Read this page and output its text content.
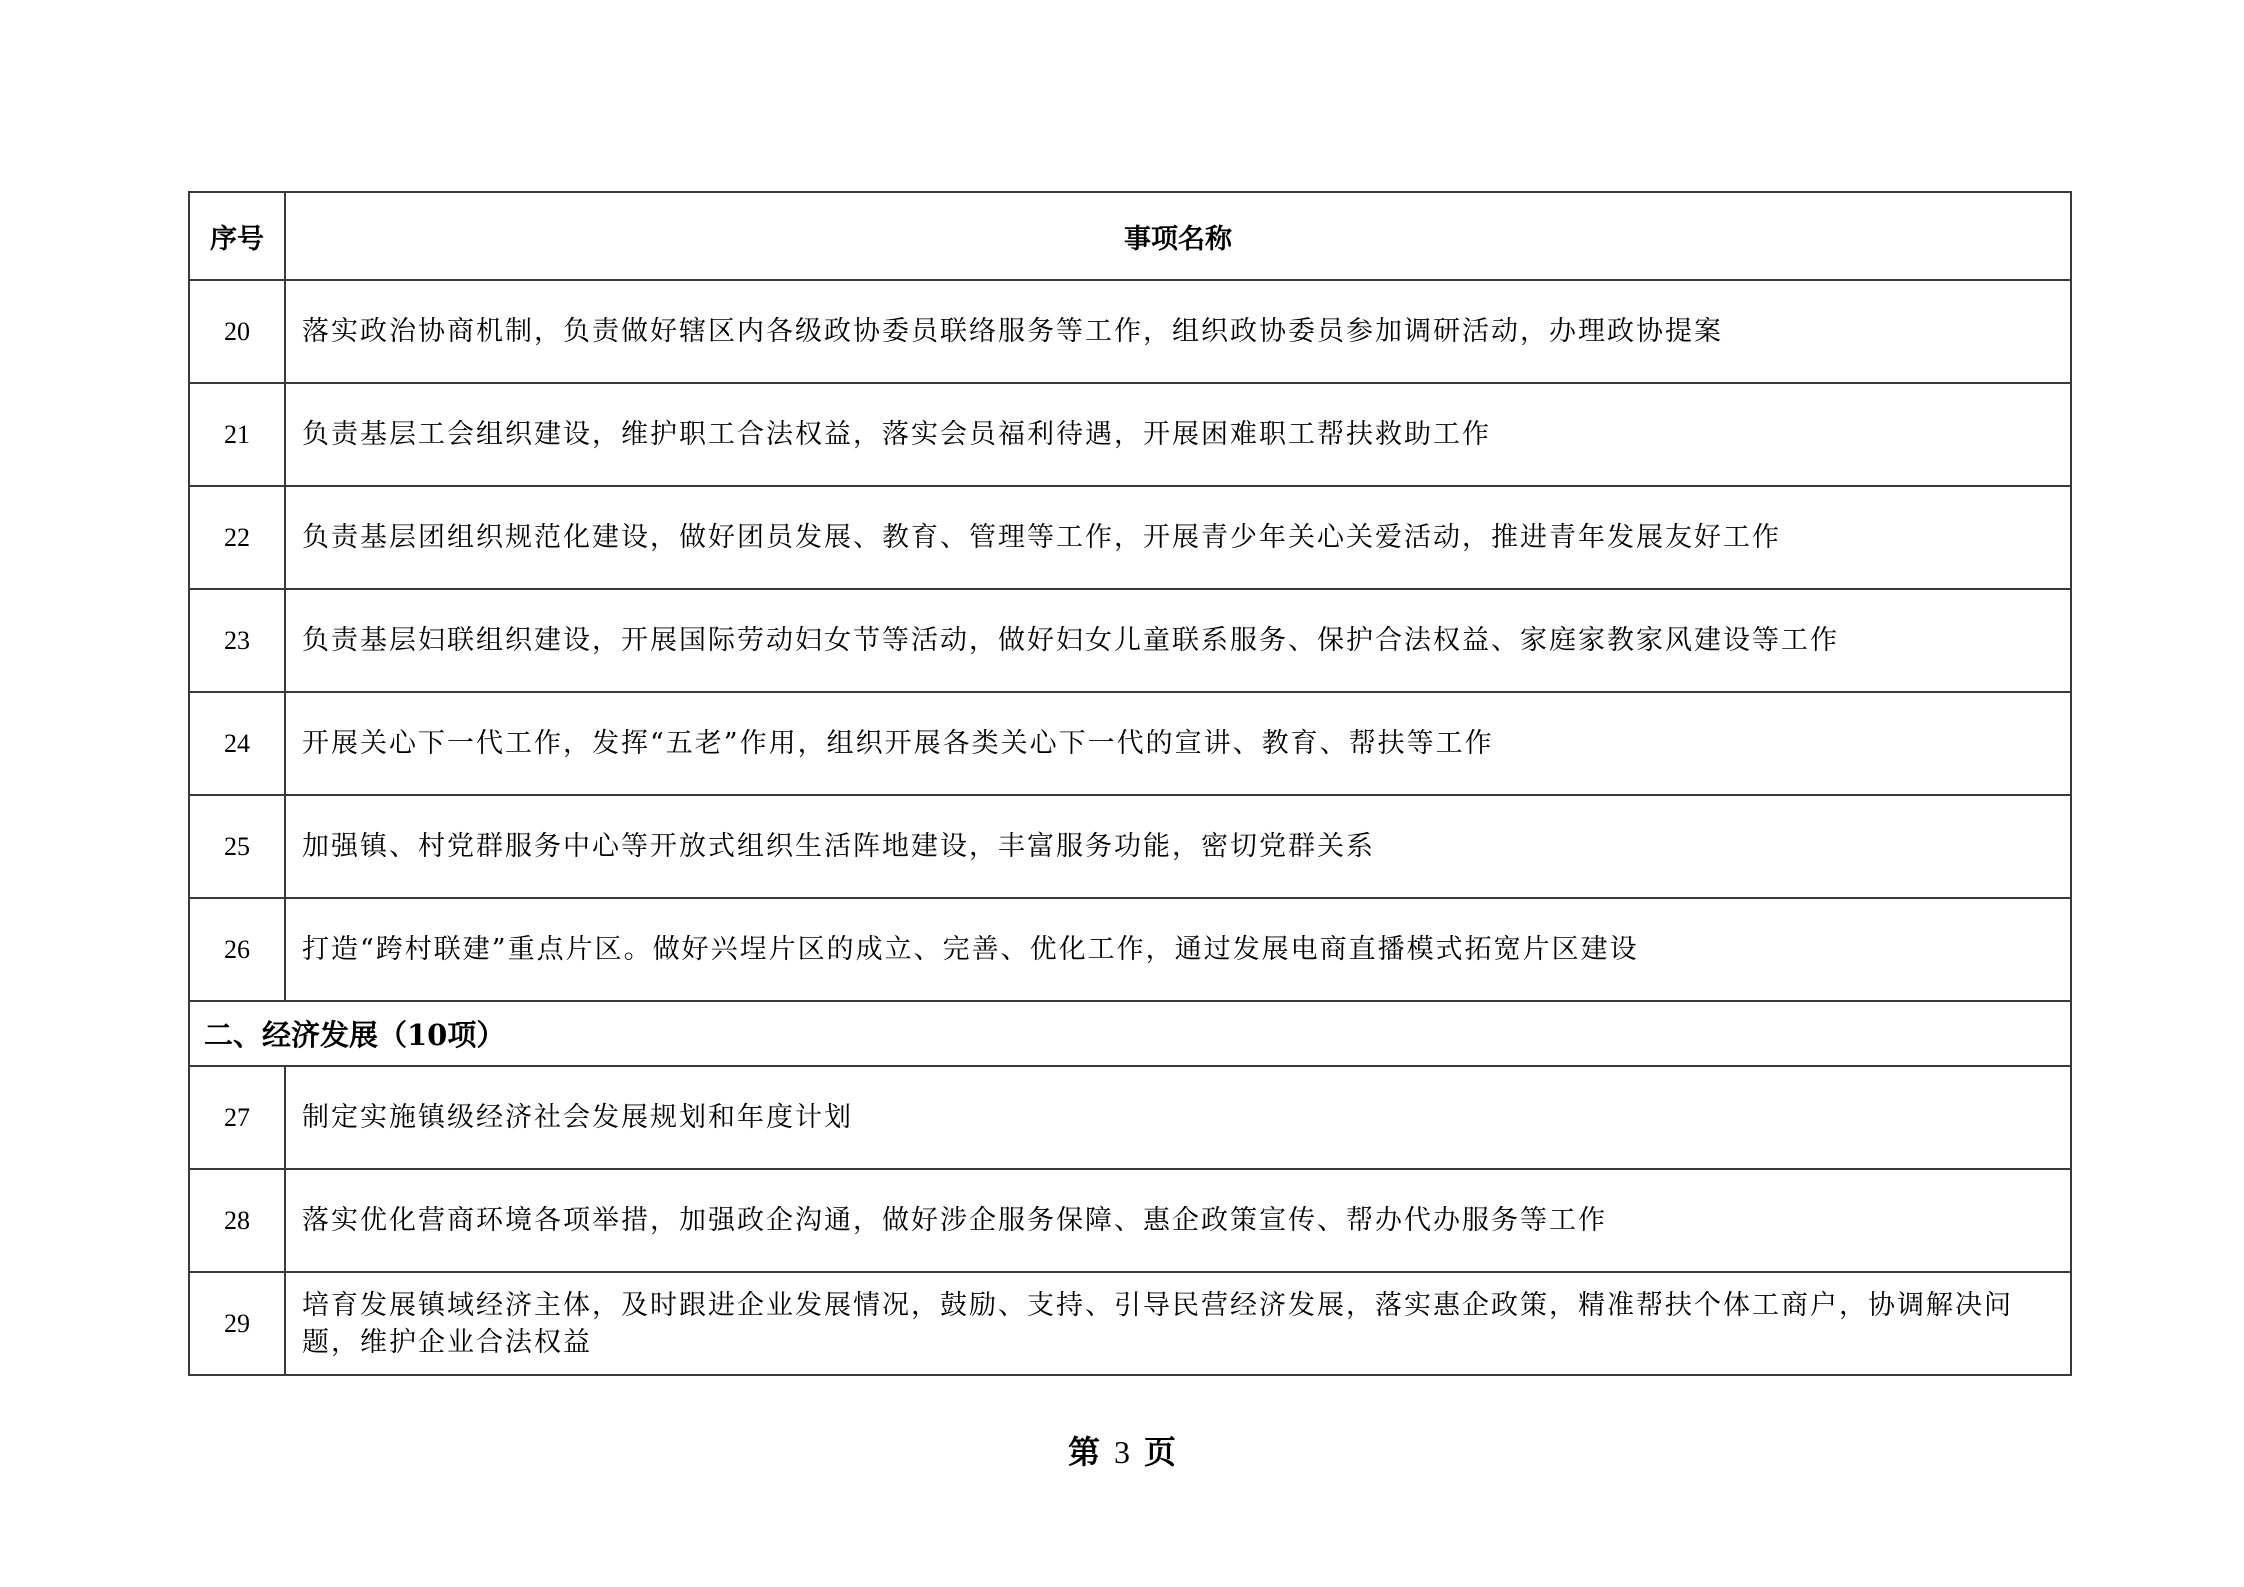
序号	事项名称
20	落实政治协商机制，负责做好辖区内各级政协委员联络服务等工作，组织政协委员参加调研活动，办理政协提案
21	负责基层工会组织建设，维护职工合法权益，落实会员福利待遇，开展困难职工帮扶救助工作
22	负责基层团组织规范化建设，做好团员发展、教育、管理等工作，开展青少年关心关爱活动，推进青年发展友好工作
23	负责基层妇联组织建设，开展国际劳动妇女节等活动，做好妇女儿童联系服务、保护合法权益、家庭家教家风建设等工作
24	开展关心下一代工作，发挥“五老”作用，组织开展各类关心下一代的宣讲、教育、帮扶等工作
25	加强镇、村党群服务中心等开放式组织生活阵地建设，丰富服务功能，密切党群关系
26	打造“跨村联建”重点片区。做好兴埕片区的成立、完善、优化工作，通过发展电商直播模式拓宽片区建设
二、经济发展（10项）	
27	制定实施镇级经济社会发展规划和年度计划
28	落实优化营商环境各项举措，加强政企沟通，做好涉企服务保障、惠企政策宣传、帮办代办服务等工作
29	培育发展镇域经济主体，及时跟进企业发展情况，鼓励、支持、引导民营经济发展，落实惠企政策，精准帮扶个体工商户，协调解决问题，维护企业合法权益
第 3 页
